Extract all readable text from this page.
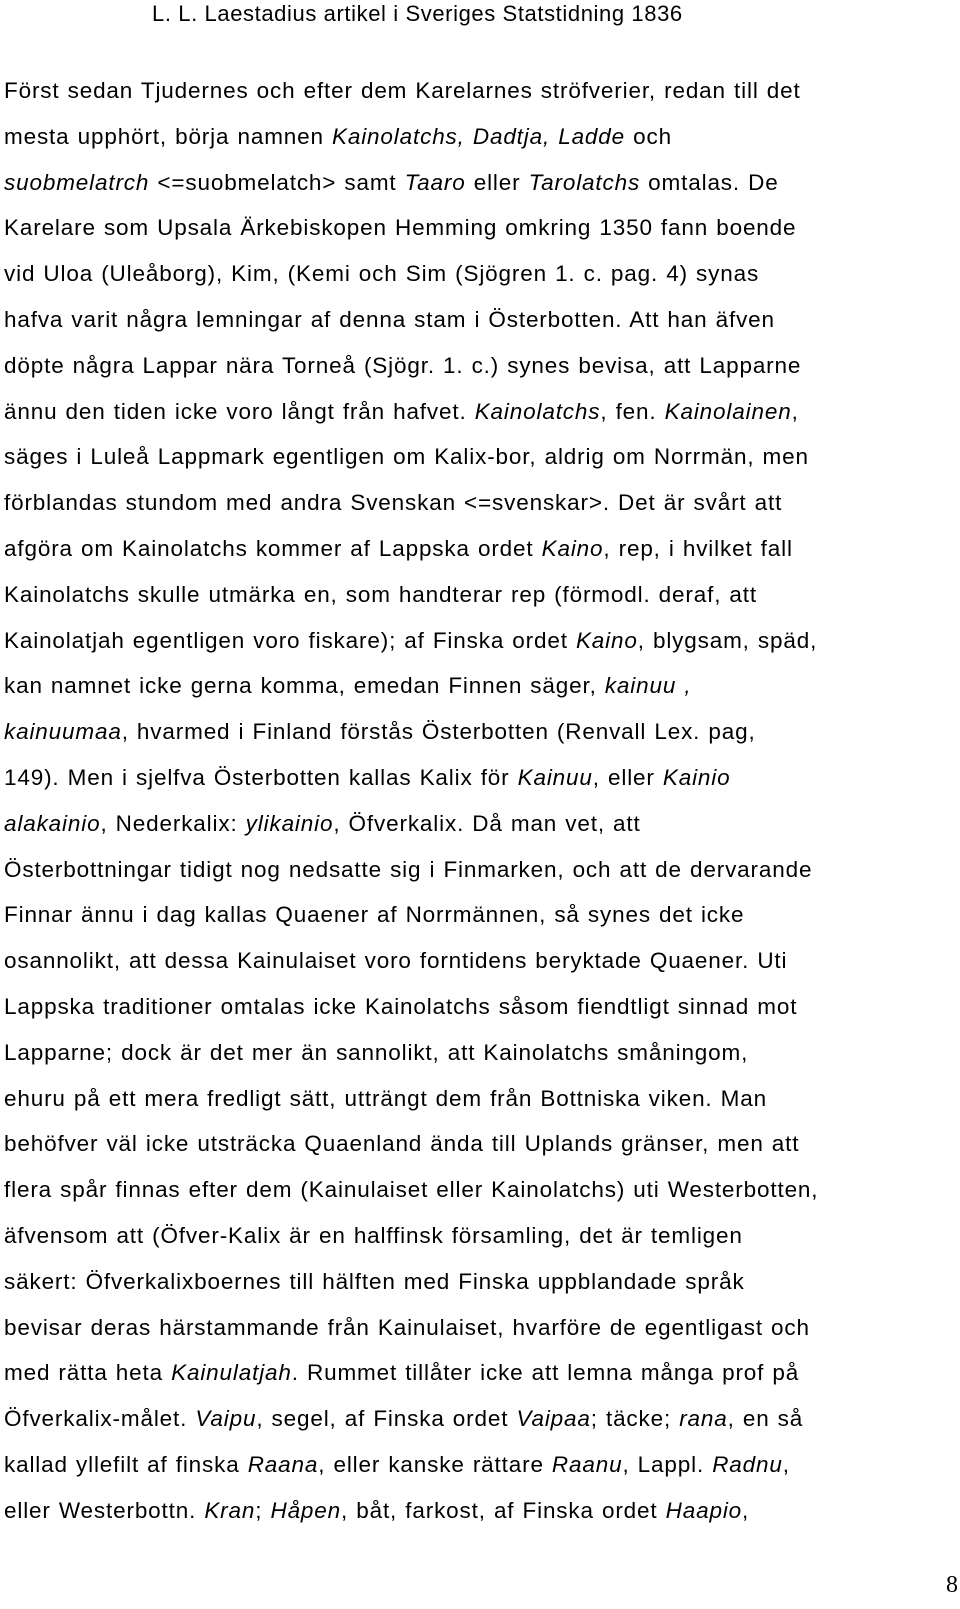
L. L. Laestadius artikel i Sveriges Statstidning 1836
Först sedan Tjudernes och efter dem Karelarnes ströfverier, redan till det
mesta upphört, börja namnen Kainolatchs, Dadtja, Ladde och
suobmelatrch <=suobmelatch> samt Taaro eller Tarolatchs omtalas. De
Karelare som Upsala Ärkebiskopen Hemming omkring 1350 fann boende
vid Uloa (Uleåborg), Kim, (Kemi och Sim (Sjögren 1. c. pag. 4) synas
hafva varit några lemningar af denna stam i Österbotten. Att han äfven
döpte några Lappar nära Torneå (Sjögr. 1. c.) synes bevisa, att Lapparne
ännu den tiden icke voro långt från hafvet. Kainolatchs, fen. Kainolainen,
säges i Luleå Lappmark egentligen om Kalix-bor, aldrig om Norrmän, men
förblandas stundom med andra Svenskan <=svenskar>. Det är svårt att
afgöra om Kainolatchs kommer af Lappska ordet Kaino, rep, i hvilket fall
Kainolatchs skulle utmärka en, som handterar rep (förmodl. deraf, att
Kainolatjah egentligen voro fiskare); af Finska ordet Kaino, blygsam, späd,
kan namnet icke gerna komma, emedan Finnen säger, kainuu ,
kainuumaa, hvarmed i Finland förstås Österbotten (Renvall Lex. pag,
149). Men i sjelfva Österbotten kallas Kalix för Kainuu, eller Kainio
alakainio, Nederkalix: ylikainio, Öfverkalix. Då man vet, att
Österbottningar tidigt nog nedsatte sig i Finmarken, och att de dervarande
Finnar ännu i dag kallas Quaener af Norrmännen, så synes det icke
osannolikt, att dessa Kainulaiset voro forntidens beryktade Quaener. Uti
Lappska traditioner omtalas icke Kainolatchs såsom fiendtligt sinnad mot
Lapparne; dock är det mer än sannolikt, att Kainolatchs småningom,
ehuru på ett mera fredligt sätt, utträngt dem från Bottniska viken. Man
behöfver väl icke utsträcka Quaenland ända till Uplands gränser, men att
flera spår finnas efter dem (Kainulaiset eller Kainolatchs) uti Westerbotten,
äfvensom att (Öfver-Kalix är en halffinsk församling, det är temligen
säkert: Öfverkalixboernes till hälften med Finska uppblandade språk
bevisar deras härstammande från Kainulaiset, hvarföre de egentligast och
med rätta heta Kainulatjah. Rummet tillåter icke att lemna många prof på
Öfverkalix-målet. Vaipu, segel, af Finska ordet Vaipaa; täcke; rana, en så
kallad yllefilt af finska Raana, eller kanske rättare Raanu, Lappl. Radnu,
eller Westerbottn. Kran; Håpen, båt, farkost, af Finska ordet Haapio,
8
